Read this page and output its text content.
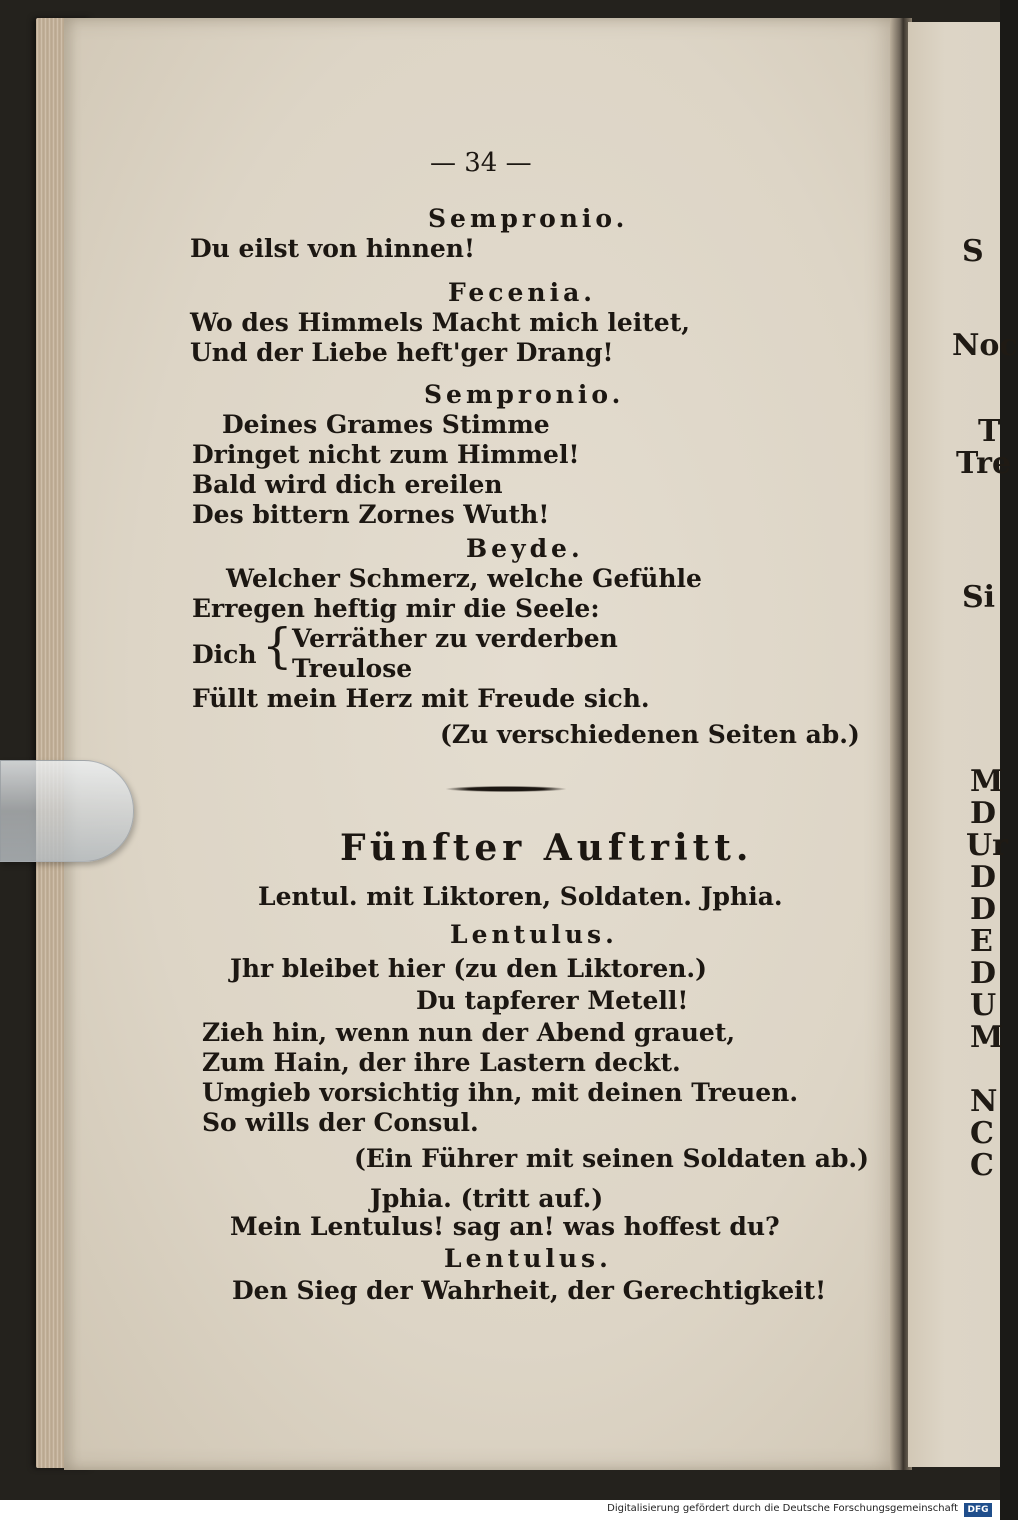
S
Noc
T
Tre
Si
M
D
Ur
D
D
E
D
U
M
N
C
C
— 34 —
Sempronio.
Du eilst von hinnen!
Fecenia.
Wo des Himmels Macht mich leitet,
Und der Liebe heft'ger Drang!
Sempronio.
Deines Grames Stimme
Dringet nicht zum Himmel!
Bald wird dich ereilen
Des bittern Zornes Wuth!
Beyde.
Welcher Schmerz, welche Gefühle
Erregen heftig mir die Seele:
Dich { Verräther zu verderben
Treulose
Füllt mein Herz mit Freude sich.
(Zu verschiedenen Seiten ab.)
Fünfter Auftritt.
Lentul. mit Liktoren, Soldaten. Jphia.
Lentulus.
Jhr bleibet hier (zu den Liktoren.)
Du tapferer Metell!
Zieh hin, wenn nun der Abend grauet,
Zum Hain, der ihre Lastern deckt.
Umgieb vorsichtig ihn, mit deinen Treuen.
So wills der Consul.
(Ein Führer mit seinen Soldaten ab.)
Jphia. (tritt auf.)
Mein Lentulus! sag an! was hoffest du?
Lentulus.
Den Sieg der Wahrheit, der Gerechtigkeit!
Digitalisierung gefördert durch die Deutsche Forschungsgemeinschaft	DFG
